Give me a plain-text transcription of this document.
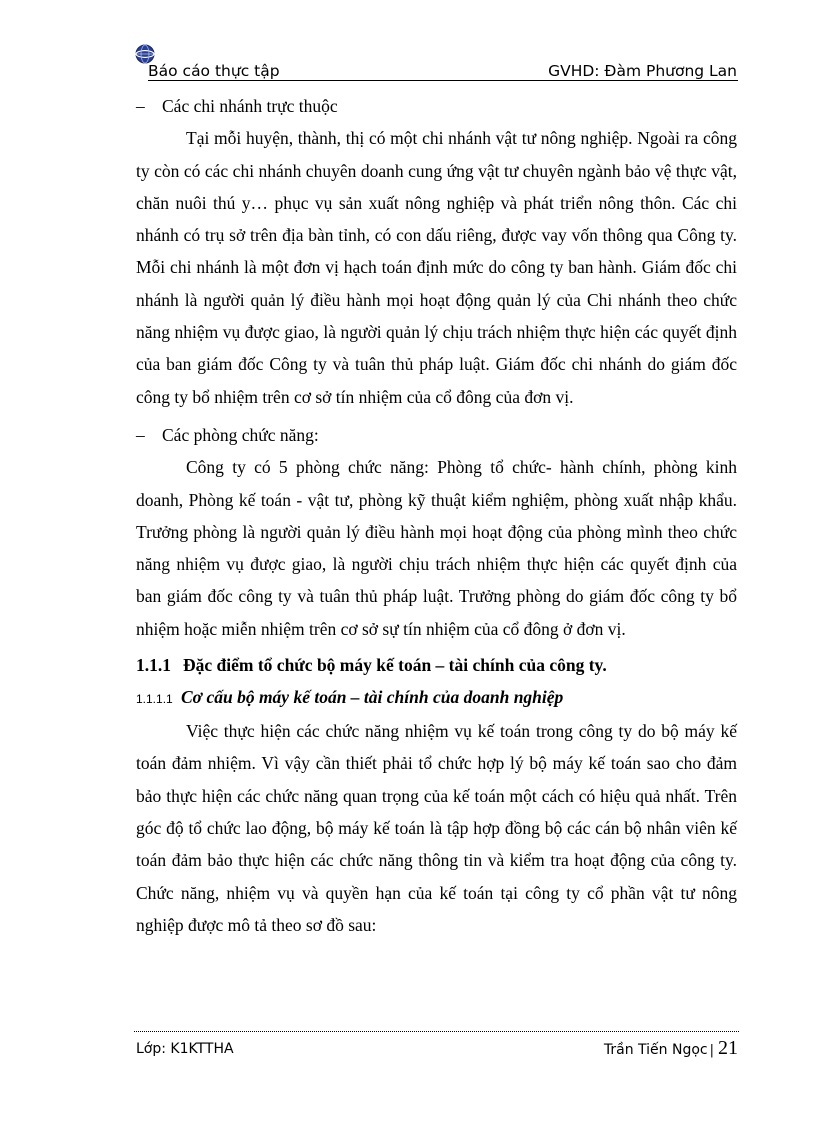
Báo cáo thực tập	GVHD: Đàm Phương Lan

– Các chi nhánh trực thuộc

Tại mỗi huyện, thành, thị có một chi nhánh vật tư nông nghiệp. Ngoài ra công ty còn có các chi nhánh chuyên doanh cung ứng vật tư chuyên ngành bảo vệ thực vật, chăn nuôi thú y… phục vụ sản xuất nông nghiệp và phát triển nông thôn. Các chi nhánh có trụ sở trên địa bàn tỉnh, có con dấu riêng, được vay vốn thông qua Công ty. Mỗi chi nhánh là một đơn vị hạch toán định mức do công ty ban hành. Giám đốc chi nhánh là người quản lý điều hành mọi hoạt động quản lý của Chi nhánh theo chức năng nhiệm vụ được giao, là người quản lý chịu trách nhiệm thực hiện các quyết định của ban giám đốc Công ty và tuân thủ pháp luật. Giám đốc chi nhánh do giám đốc công ty bổ nhiệm trên cơ sở tín nhiệm của cổ đông của đơn vị.

– Các phòng chức năng:

Công ty có 5 phòng chức năng: Phòng tổ chức- hành chính, phòng kinh doanh, Phòng kế toán - vật tư, phòng kỹ thuật kiểm nghiệm, phòng xuất nhập khẩu. Trưởng phòng là người quản lý điều hành mọi hoạt động của phòng mình theo chức năng nhiệm vụ được giao, là người chịu trách nhiệm thực hiện các quyết định của ban giám đốc công ty và tuân thủ pháp luật. Trưởng phòng do giám đốc công ty bổ nhiệm hoặc miễn nhiệm trên cơ sở sự tín nhiệm của cổ đông ở đơn vị.

1.1.1 Đặc điểm tổ chức bộ máy kế toán – tài chính của công ty.

1.1.1.1 Cơ cấu bộ máy kế toán – tài chính của doanh nghiệp

Việc thực hiện các chức năng nhiệm vụ kế toán trong công ty do bộ máy kế toán đảm nhiệm. Vì vậy cần thiết phải tổ chức hợp lý bộ máy kế toán sao cho đảm bảo thực hiện các chức năng quan trọng của kế toán một cách có hiệu quả nhất. Trên góc độ tổ chức lao động, bộ máy kế toán là tập hợp đồng bộ các cán bộ nhân viên kế toán đảm bảo thực hiện các chức năng thông tin và kiểm tra hoạt động của công ty. Chức năng, nhiệm vụ và quyền hạn của kế toán tại công ty cổ phần vật tư nông nghiệp được mô tả theo sơ đồ sau:

Lớp: K1KTTHA	Trần Tiến Ngọc | 21
